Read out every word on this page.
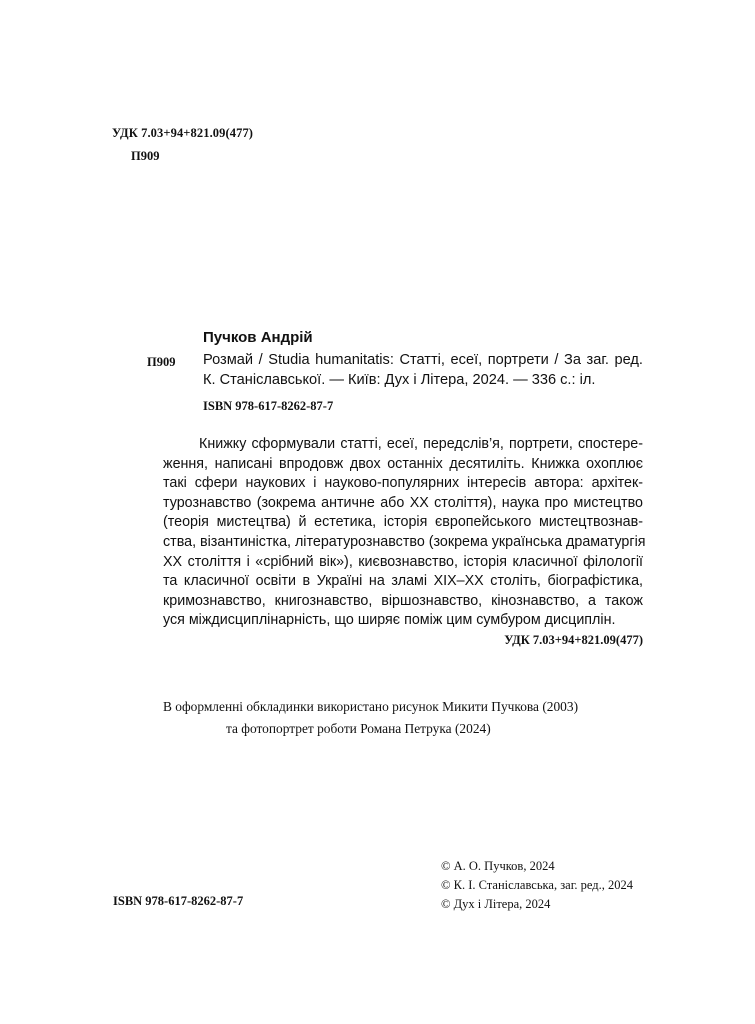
УДК 7.03+94+821.09(477)
П909
Пучков Андрій
П909 Розмай / Studia humanitatis: Статті, есеї, портрети / За заг. ред.
К. Станіславської. — Київ: Дух і Літера, 2024. — 336 с.: іл.
ISBN 978-617-8262-87-7
Книжку сформували статті, есеї, передслів’я, портрети, спостере-
ження, написані впродовж двох останніх десятиліть. Книжка охоплює
такі сфери наукових і науково-популярних інтересів автора: архітек-
турознавство (зокрема античне або XX століття), наука про мистецтво
(теорія мистецтва) й естетика, історія європейського мистецтвознав-
ства, візантиністка, літературознавство (зокрема українська драматургія
XX століття і «срібний вік»), києвознавство, історія класичної філології
та класичної освіти в Україні на зламі XIX–XX століть, біографістика,
кримознавство, книгознавство, віршознавство, кінознавство, а також
уся міждисциплінарність, що ширяє поміж цим сумбуром дисциплін.
УДК 7.03+94+821.09(477)
В оформленні обкладинки використано рисунок Микити Пучкова (2003)
та фотопортрет роботи Романа Петрука (2024)
© А. О. Пучков, 2024
© К. І. Станіславська, заг. ред., 2024
© Дух і Літера, 2024
ISBN 978-617-8262-87-7
